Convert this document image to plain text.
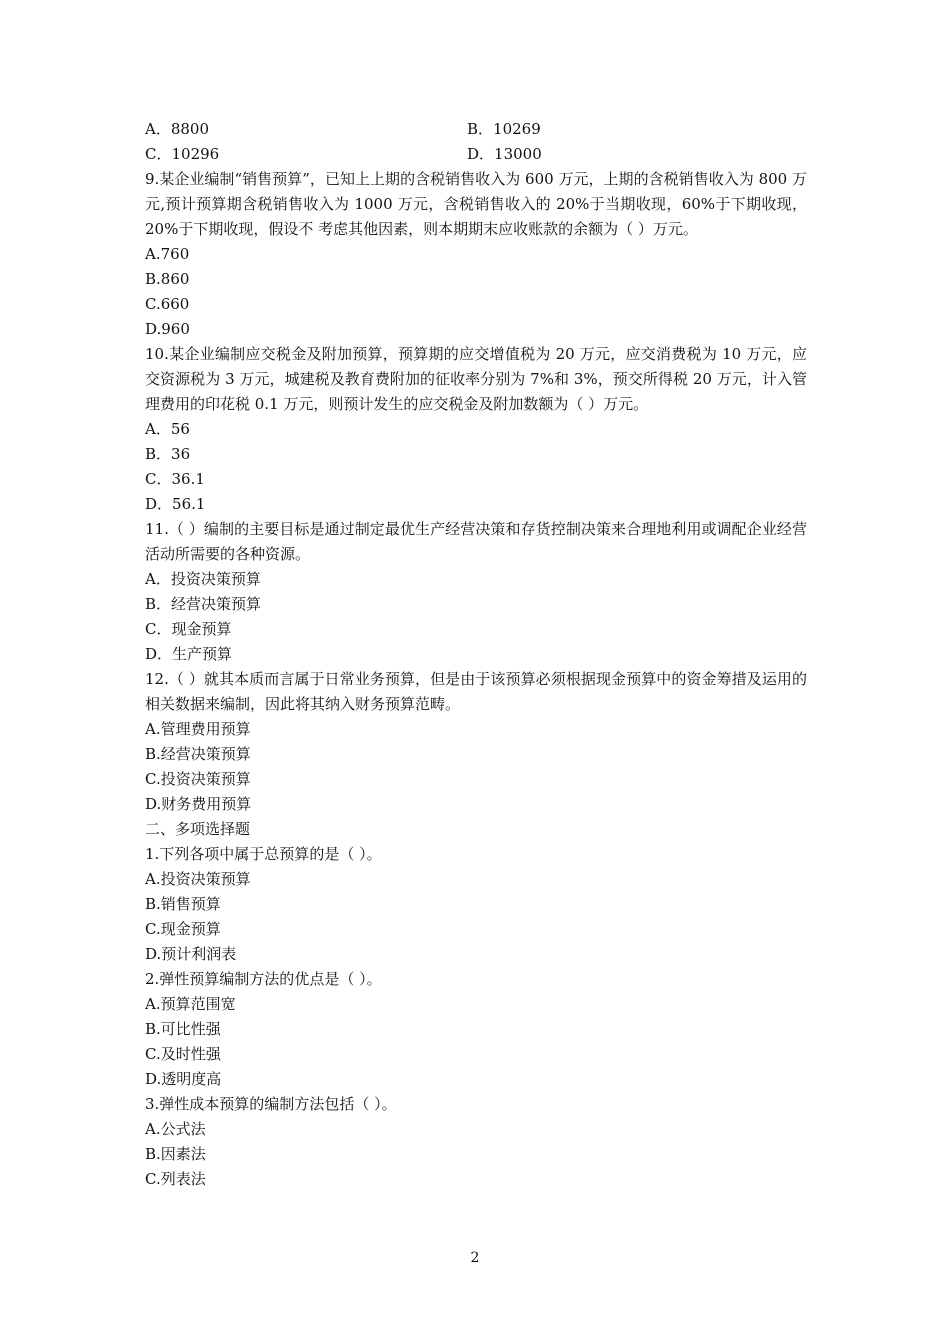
A．8800	B．10269
C．10296	D．13000
9.某企业编制“销售预算”，已知上上期的含税销售收入为 600 万元，上期的含税销售收入为 800 万元,预计预算期含税销售收入为 1000 万元，含税销售收入的 20%于当期收现，60%于下期收现，20%于下期收现，假设不 考虑其他因素，则本期期末应收账款的余额为（ ）万元。
A.760
B.860
C.660
D.960
10.某企业编制应交税金及附加预算，预算期的应交增值税为 20 万元，应交消费税为 10 万元，应交资源税为 3 万元，城建税及教育费附加的征收率分别为 7%和 3%，预交所得税 20 万元，计入管理费用的印花税 0.1 万元，则预计发生的应交税金及附加数额为（ ）万元。
A．56
B．36
C．36.1
D．56.1
11.（ ）编制的主要目标是通过制定最优生产经营决策和存货控制决策来合理地利用或调配企业经营活动所需要的各种资源。
A．投资决策预算
B．经营决策预算
C．现金预算
D．生产预算
12.（ ）就其本质而言属于日常业务预算，但是由于该预算必须根据现金预算中的资金筹措及运用的相关数据来编制，因此将其纳入财务预算范畴。
A.管理费用预算
B.经营决策预算
C.投资决策预算
D.财务费用预算
二、多项选择题
1.下列各项中属于总预算的是（ ）。
A.投资决策预算
B.销售预算
C.现金预算
D.预计利润表
2.弹性预算编制方法的优点是（ ）。
A.预算范围宽
B.可比性强
C.及时性强
D.透明度高
3.弹性成本预算的编制方法包括（ ）。
A.公式法
B.因素法
C.列表法
2
